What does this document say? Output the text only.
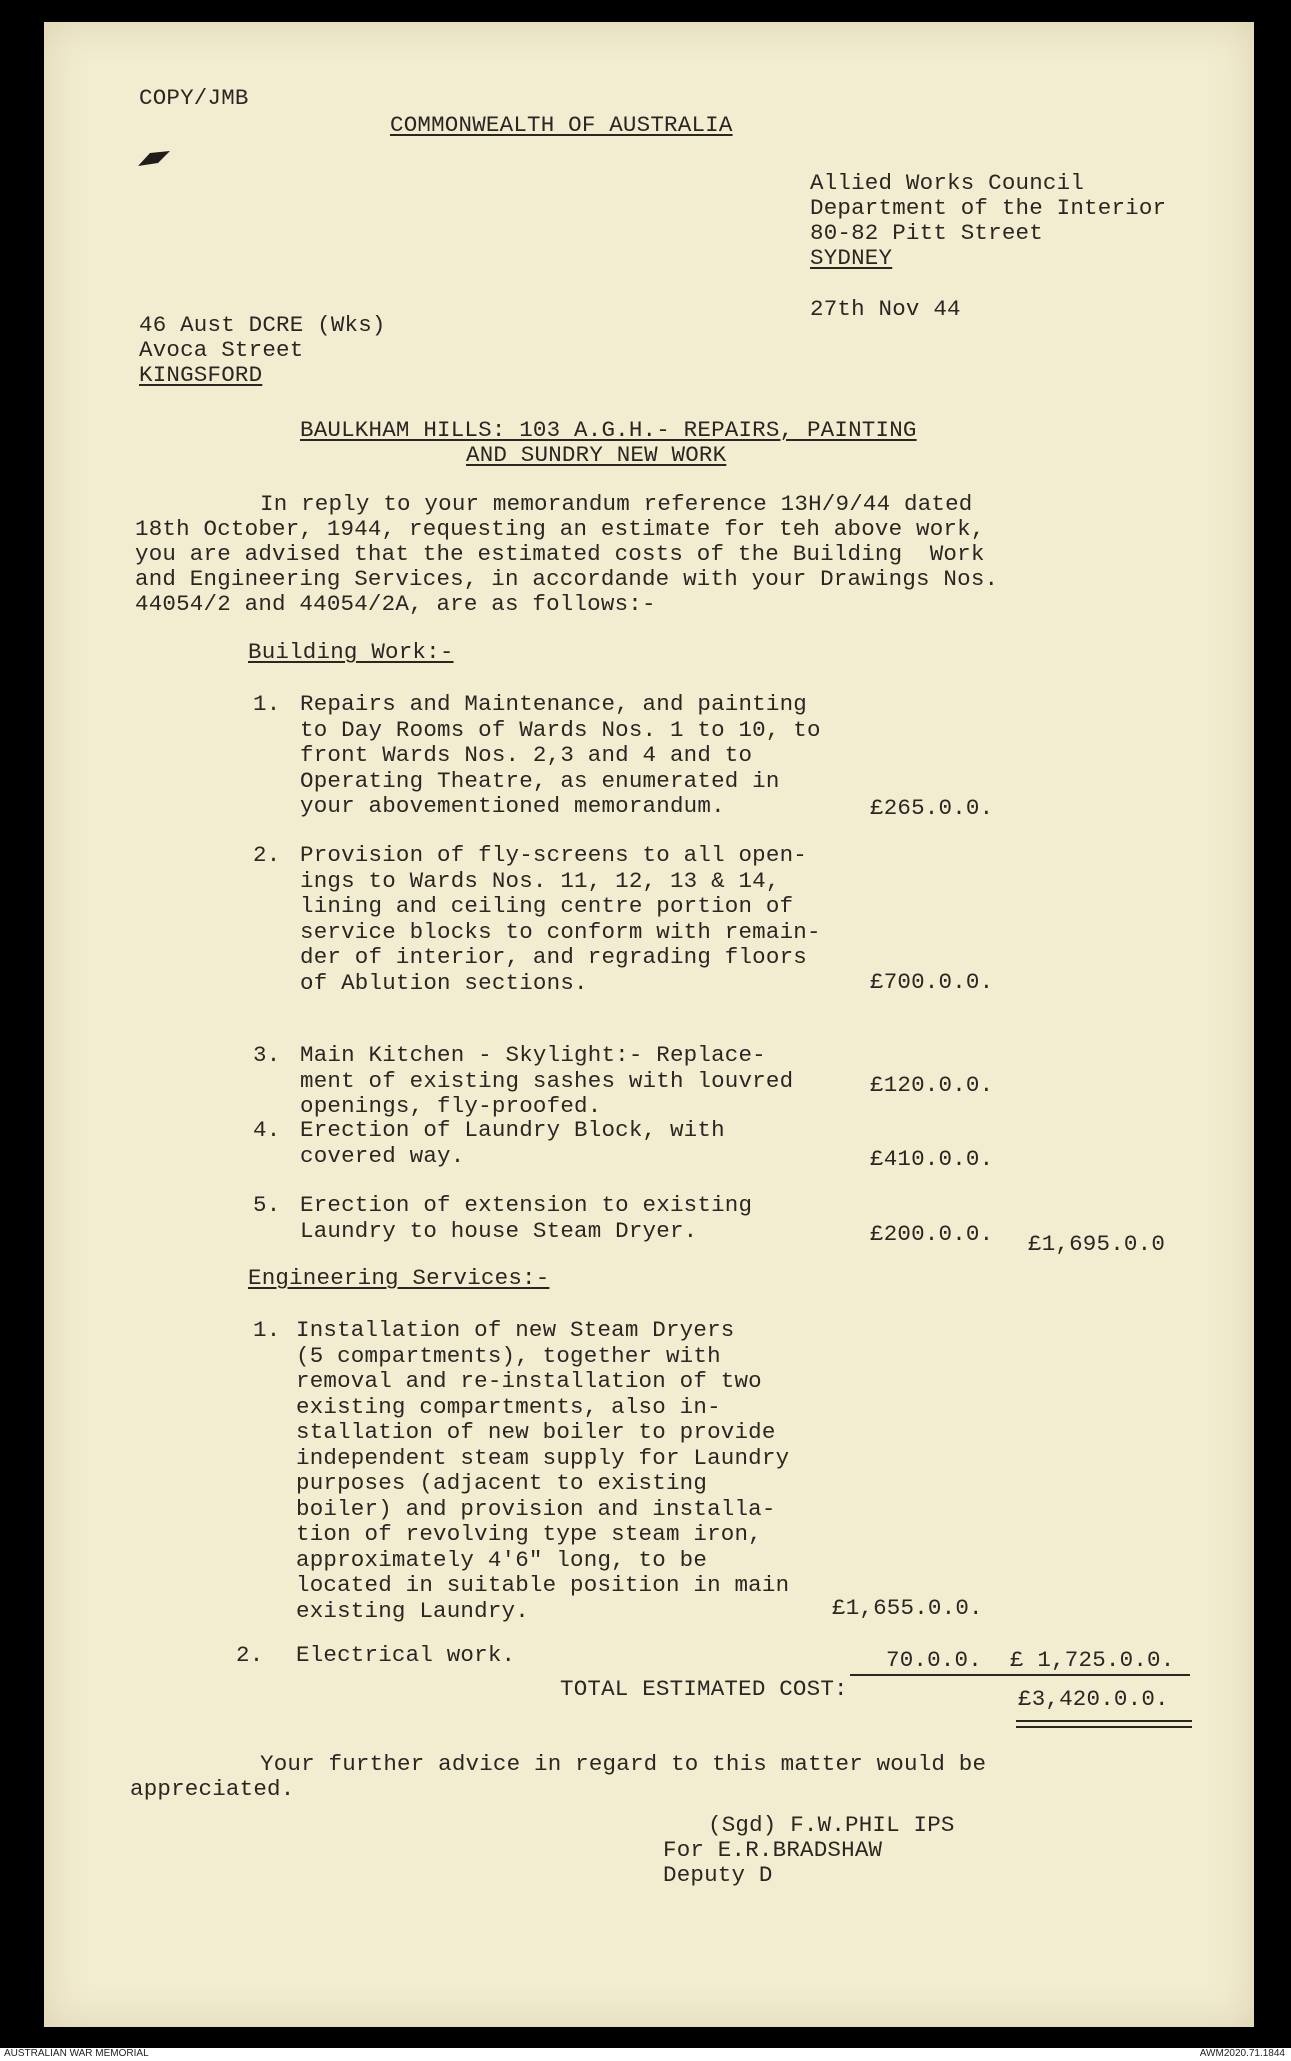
COPY/JMB
COMMONWEALTH OF AUSTRALIA
Allied Works Council
Department of the Interior
80-82 Pitt Street
SYDNEY
27th Nov 44
46 Aust DCRE (Wks)
Avoca Street
KINGSFORD
BAULKHAM HILLS: 103 A.G.H.- REPAIRS, PAINTING
AND SUNDRY NEW WORK
In reply to your memorandum reference 13H/9/44 dated
18th October, 1944, requesting an estimate for teh above work,
you are advised that the estimated costs of the Building  Work
and Engineering Services, in accordande with your Drawings Nos.
44054/2 and 44054/2A, are as follows:-
Building Work:-
1. Repairs and Maintenance, and painting
to Day Rooms of Wards Nos. 1 to 10, to
front Wards Nos. 2,3 and 4 and to
Operating Theatre, as enumerated in
your abovementioned memorandum.	£265.0.0.
2. Provision of fly-screens to all open-
ings to Wards Nos. 11, 12, 13 & 14,
lining and ceiling centre portion of
service blocks to conform with remain-
der of interior, and regrading floors
of Ablution sections.	£700.0.0.
3. Main Kitchen - Skylight:- Replace-
ment of existing sashes with louvred
openings, fly-proofed.
£120.0.0.
4. Erection of Laundry Block, with
covered way.	£410.0.0.
5. Erection of extension to existing
Laundry to house Steam Dryer.	£200.0.0. £1,695.0.0
Engineering Services:-
1. Installation of new Steam Dryers
(5 compartments), together with
removal and re-installation of two
existing compartments, also in-
stallation of new boiler to provide
independent steam supply for Laundry
purposes (adjacent to existing
boiler) and provision and installa-
tion of revolving type steam iron,
approximately 4'6" long, to be
located in suitable position in main
existing Laundry.	£1,655.0.0.
2. Electrical work.	70.0.0. £ 1,725.0.0.
TOTAL ESTIMATED COST:	£3,420.0.0.
Your further advice in regard to this matter would be
appreciated.
(Sgd) F.W.PHIL IPS
For E.R.BRADSHAW
Deputy D
AUSTRALIAN WAR MEMORIAL	AWM2020.71.1844
